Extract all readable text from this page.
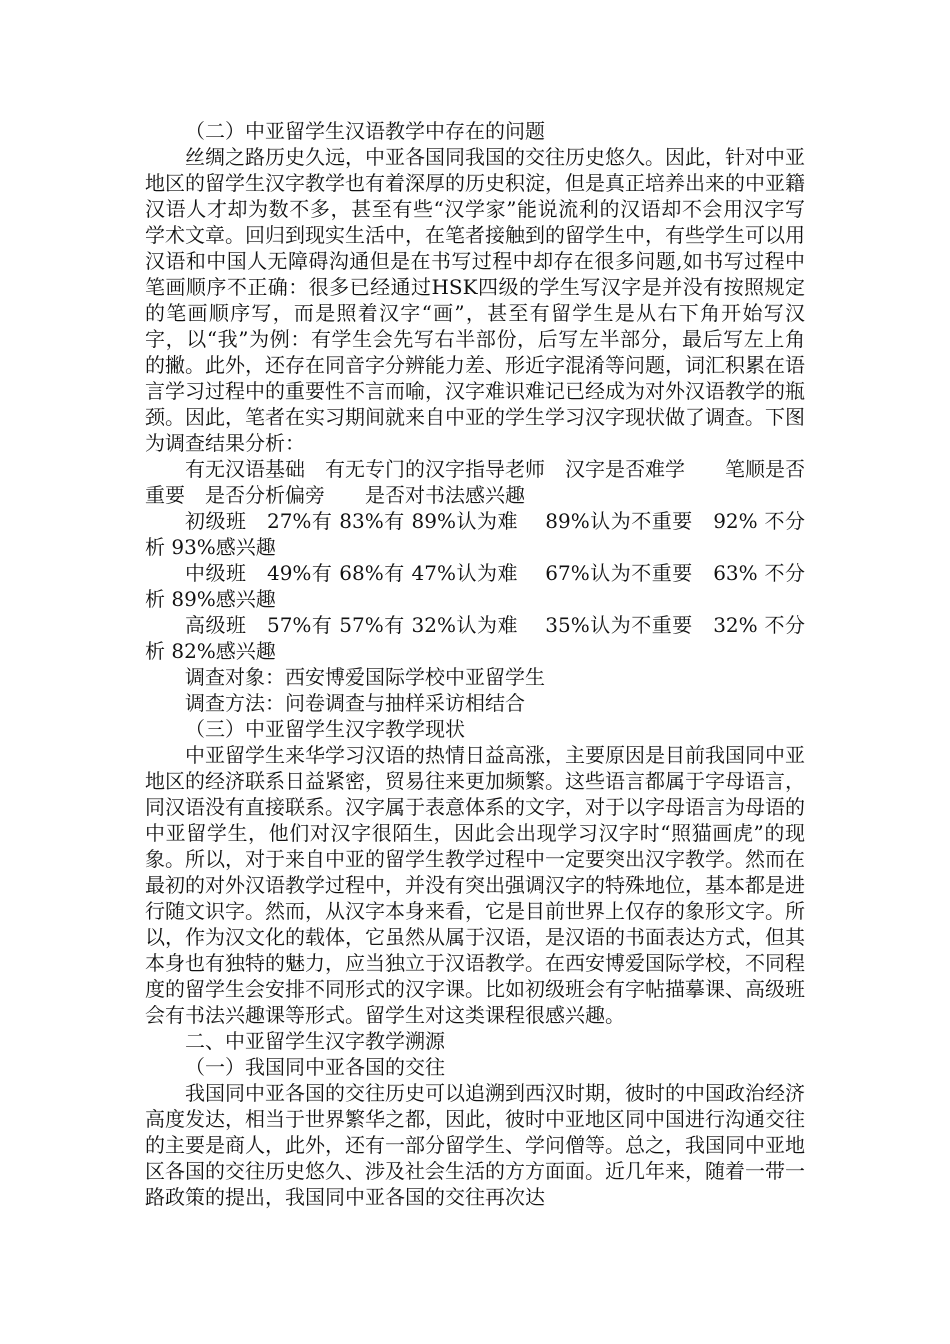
（二）中亚留学生汉语教学中存在的问题

丝绸之路历史久远，中亚各国同我国的交往历史悠久。因此，针对中亚地区的留学生汉字教学也有着深厚的历史积淀，但是真正培养出来的中亚籍汉语人才却为数不多，甚至有些“汉学家”能说流利的汉语却不会用汉字写学术文章。回归到现实生活中，在笔者接触到的留学生中，有些学生可以用汉语和中国人无障碍沟通但是在书写过程中却存在很多问题,如书写过程中笔画顺序不正确：很多已经通过HSK四级的学生写汉字是并没有按照规定的笔画顺序写，而是照着汉字“画”，甚至有留学生是从右下角开始写汉字，以“我”为例：有学生会先写右半部份，后写左半部分，最后写左上角的撇。此外，还存在同音字分辨能力差、形近字混淆等问题，词汇积累在语言学习过程中的重要性不言而喻，汉字难识难记已经成为对外汉语教学的瓶颈。因此，笔者在实习期间就来自中亚的学生学习汉字现状做了调查。下图为调查结果分析：

有无汉语基础　有无专门的汉字指导老师　汉字是否难学　　笔顺是否重要　是否分析偏旁　　是否对书法感兴趣

初级班　27%有 83%有 89%认为难　 89%认为不重要　92% 不分析 93%感兴趣

中级班　49%有 68%有 47%认为难　 67%认为不重要　63% 不分析 89%感兴趣

高级班　57%有 57%有 32%认为难　 35%认为不重要　32% 不分析 82%感兴趣

调查对象：西安博爱国际学校中亚留学生

调查方法：问卷调查与抽样采访相结合

（三）中亚留学生汉字教学现状

中亚留学生来华学习汉语的热情日益高涨，主要原因是目前我国同中亚地区的经济联系日益紧密，贸易往来更加频繁。这些语言都属于字母语言，同汉语没有直接联系。汉字属于表意体系的文字，对于以字母语言为母语的中亚留学生，他们对汉字很陌生，因此会出现学习汉字时“照猫画虎”的现象。所以，对于来自中亚的留学生教学过程中一定要突出汉字教学。然而在最初的对外汉语教学过程中，并没有突出强调汉字的特殊地位，基本都是进行随文识字。然而，从汉字本身来看，它是目前世界上仅存的象形文字。所以，作为汉文化的载体，它虽然从属于汉语，是汉语的书面表达方式，但其本身也有独特的魅力，应当独立于汉语教学。在西安博爱国际学校，不同程度的留学生会安排不同形式的汉字课。比如初级班会有字帖描摹课、高级班会有书法兴趣课等形式。留学生对这类课程很感兴趣。

二、中亚留学生汉字教学溯源

（一）我国同中亚各国的交往

我国同中亚各国的交往历史可以追溯到西汉时期，彼时的中国政治经济高度发达，相当于世界繁华之都，因此，彼时中亚地区同中国进行沟通交往的主要是商人，此外，还有一部分留学生、学问僧等。总之，我国同中亚地区各国的交往历史悠久、涉及社会生活的方方面面。近几年来，随着一带一路政策的提出，我国同中亚各国的交往再次达
